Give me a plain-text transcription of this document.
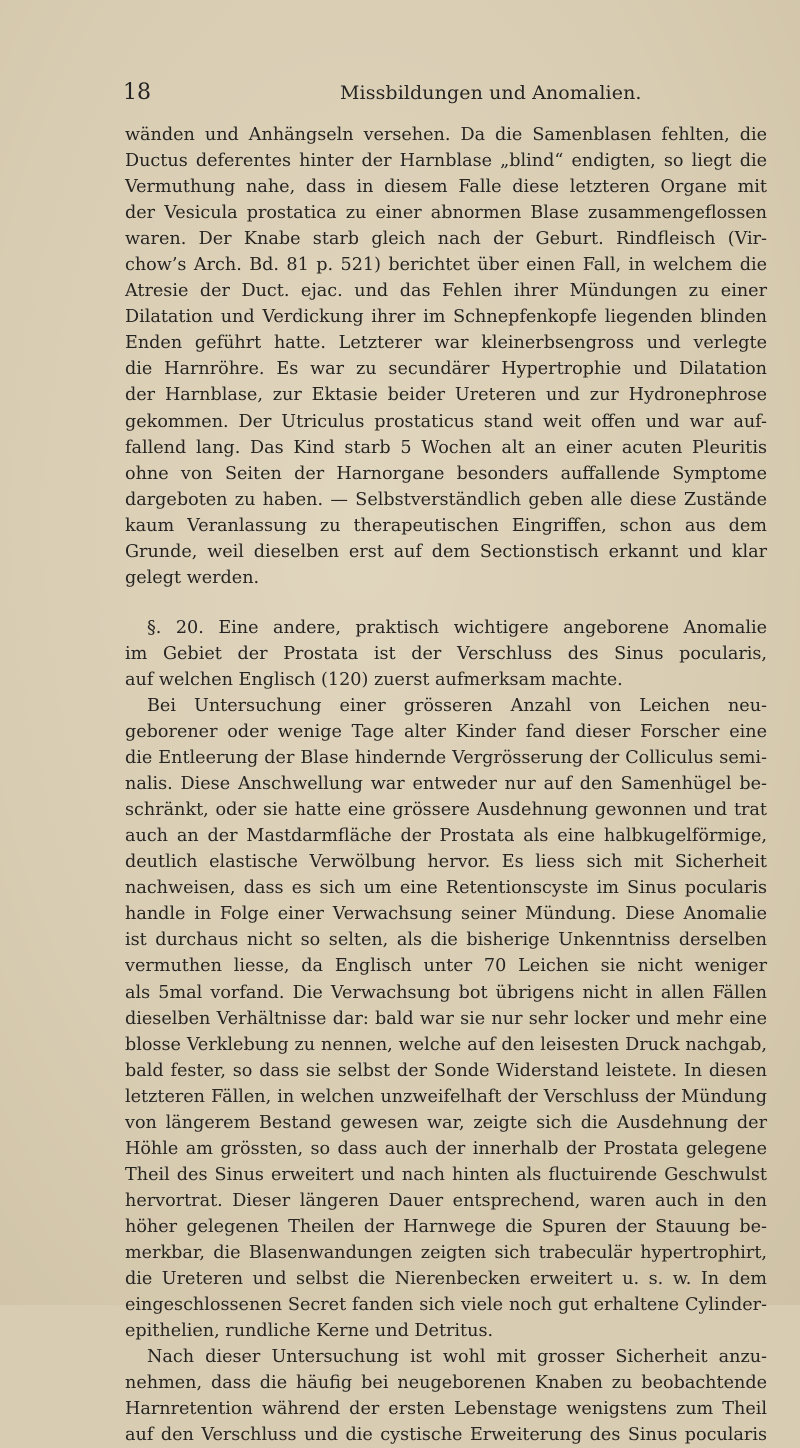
18	Missbildungen und Anomalien.
wänden und Anhängseln versehen. Da die Samenblasen fehlten, die
Ductus deferentes hinter der Harnblase „blind“ endigten, so liegt die
Vermuthung nahe, dass in diesem Falle diese letzteren Organe mit
der Vesicula prostatica zu einer abnormen Blase zusammengeflossen
waren. Der Knabe starb gleich nach der Geburt. Rindfleisch (Vir-
chow’s Arch. Bd. 81 p. 521) berichtet über einen Fall, in welchem die
Atresie der Duct. ejac. und das Fehlen ihrer Mündungen zu einer
Dilatation und Verdickung ihrer im Schnepfenkopfe liegenden blinden
Enden geführt hatte. Letzterer war kleinerbsengross und verlegte
die Harnröhre. Es war zu secundärer Hypertrophie und Dilatation
der Harnblase, zur Ektasie beider Ureteren und zur Hydronephrose
gekommen. Der Utriculus prostaticus stand weit offen und war auf-
fallend lang. Das Kind starb 5 Wochen alt an einer acuten Pleuritis
ohne von Seiten der Harnorgane besonders auffallende Symptome
dargeboten zu haben. — Selbstverständlich geben alle diese Zustände
kaum Veranlassung zu therapeutischen Eingriffen, schon aus dem
Grunde, weil dieselben erst auf dem Sectionstisch erkannt und klar
gelegt werden.
§. 20. Eine andere, praktisch wichtigere angeborene Anomalie
im Gebiet der Prostata ist der Verschluss des Sinus pocularis,
auf welchen Englisch (120) zuerst aufmerksam machte.
Bei Untersuchung einer grösseren Anzahl von Leichen neu-
geborener oder wenige Tage alter Kinder fand dieser Forscher eine
die Entleerung der Blase hindernde Vergrösserung der Colliculus semi-
nalis. Diese Anschwellung war entweder nur auf den Samenhügel be-
schränkt, oder sie hatte eine grössere Ausdehnung gewonnen und trat
auch an der Mastdarmfläche der Prostata als eine halbkugelförmige,
deutlich elastische Verwölbung hervor. Es liess sich mit Sicherheit
nachweisen, dass es sich um eine Retentionscyste im Sinus pocularis
handle in Folge einer Verwachsung seiner Mündung. Diese Anomalie
ist durchaus nicht so selten, als die bisherige Unkenntniss derselben
vermuthen liesse, da Englisch unter 70 Leichen sie nicht weniger
als 5mal vorfand. Die Verwachsung bot übrigens nicht in allen Fällen
dieselben Verhältnisse dar: bald war sie nur sehr locker und mehr eine
blosse Verklebung zu nennen, welche auf den leisesten Druck nachgab,
bald fester, so dass sie selbst der Sonde Widerstand leistete. In diesen
letzteren Fällen, in welchen unzweifelhaft der Verschluss der Mündung
von längerem Bestand gewesen war, zeigte sich die Ausdehnung der
Höhle am grössten, so dass auch der innerhalb der Prostata gelegene
Theil des Sinus erweitert und nach hinten als fluctuirende Geschwulst
hervortrat. Dieser längeren Dauer entsprechend, waren auch in den
höher gelegenen Theilen der Harnwege die Spuren der Stauung be-
merkbar, die Blasenwandungen zeigten sich trabeculär hypertrophirt,
die Ureteren und selbst die Nierenbecken erweitert u. s. w. In dem
eingeschlossenen Secret fanden sich viele noch gut erhaltene Cylinder-
epithelien, rundliche Kerne und Detritus.
Nach dieser Untersuchung ist wohl mit grosser Sicherheit anzu-
nehmen, dass die häufig bei neugeborenen Knaben zu beobachtende
Harnretention während der ersten Lebenstage wenigstens zum Theil
auf den Verschluss und die cystische Erweiterung des Sinus pocularis
